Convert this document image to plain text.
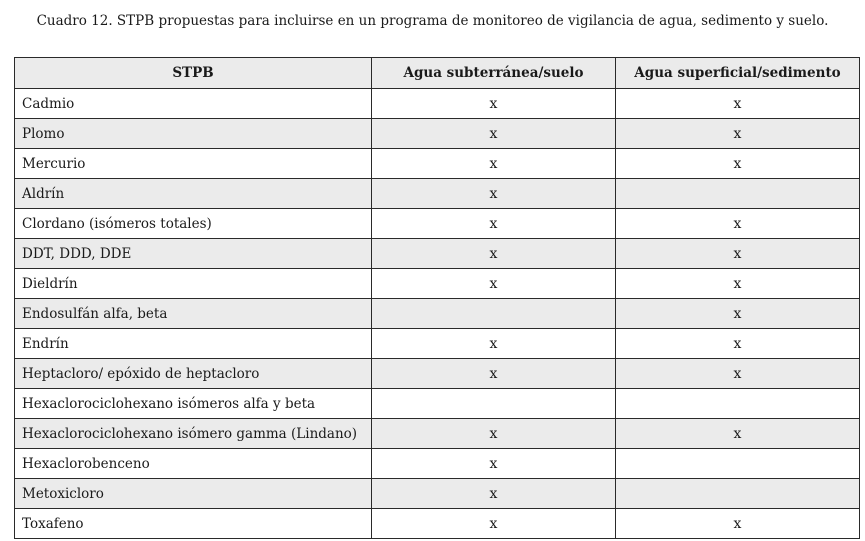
Cuadro 12. STPB propuestas para incluirse en un programa de monitoreo de vigilancia de agua, sedimento y suelo.
STPB	Agua subterránea/suelo	Agua superficial/sedimento
Cadmio	x	x
Plomo	x	x
Mercurio	x	x
Aldrín	x	
Clordano (isómeros totales)	x	x
DDT, DDD, DDE	x	x
Dieldrín	x	x
Endosulfán alfa, beta		x
Endrín	x	x
Heptacloro/ epóxido de heptacloro	x	x
Hexaclorociclohexano isómeros alfa y beta		
Hexaclorociclohexano isómero gamma (Lindano)	x	x
Hexaclorobenceno	x	
Metoxicloro	x	
Toxafeno	x	x
